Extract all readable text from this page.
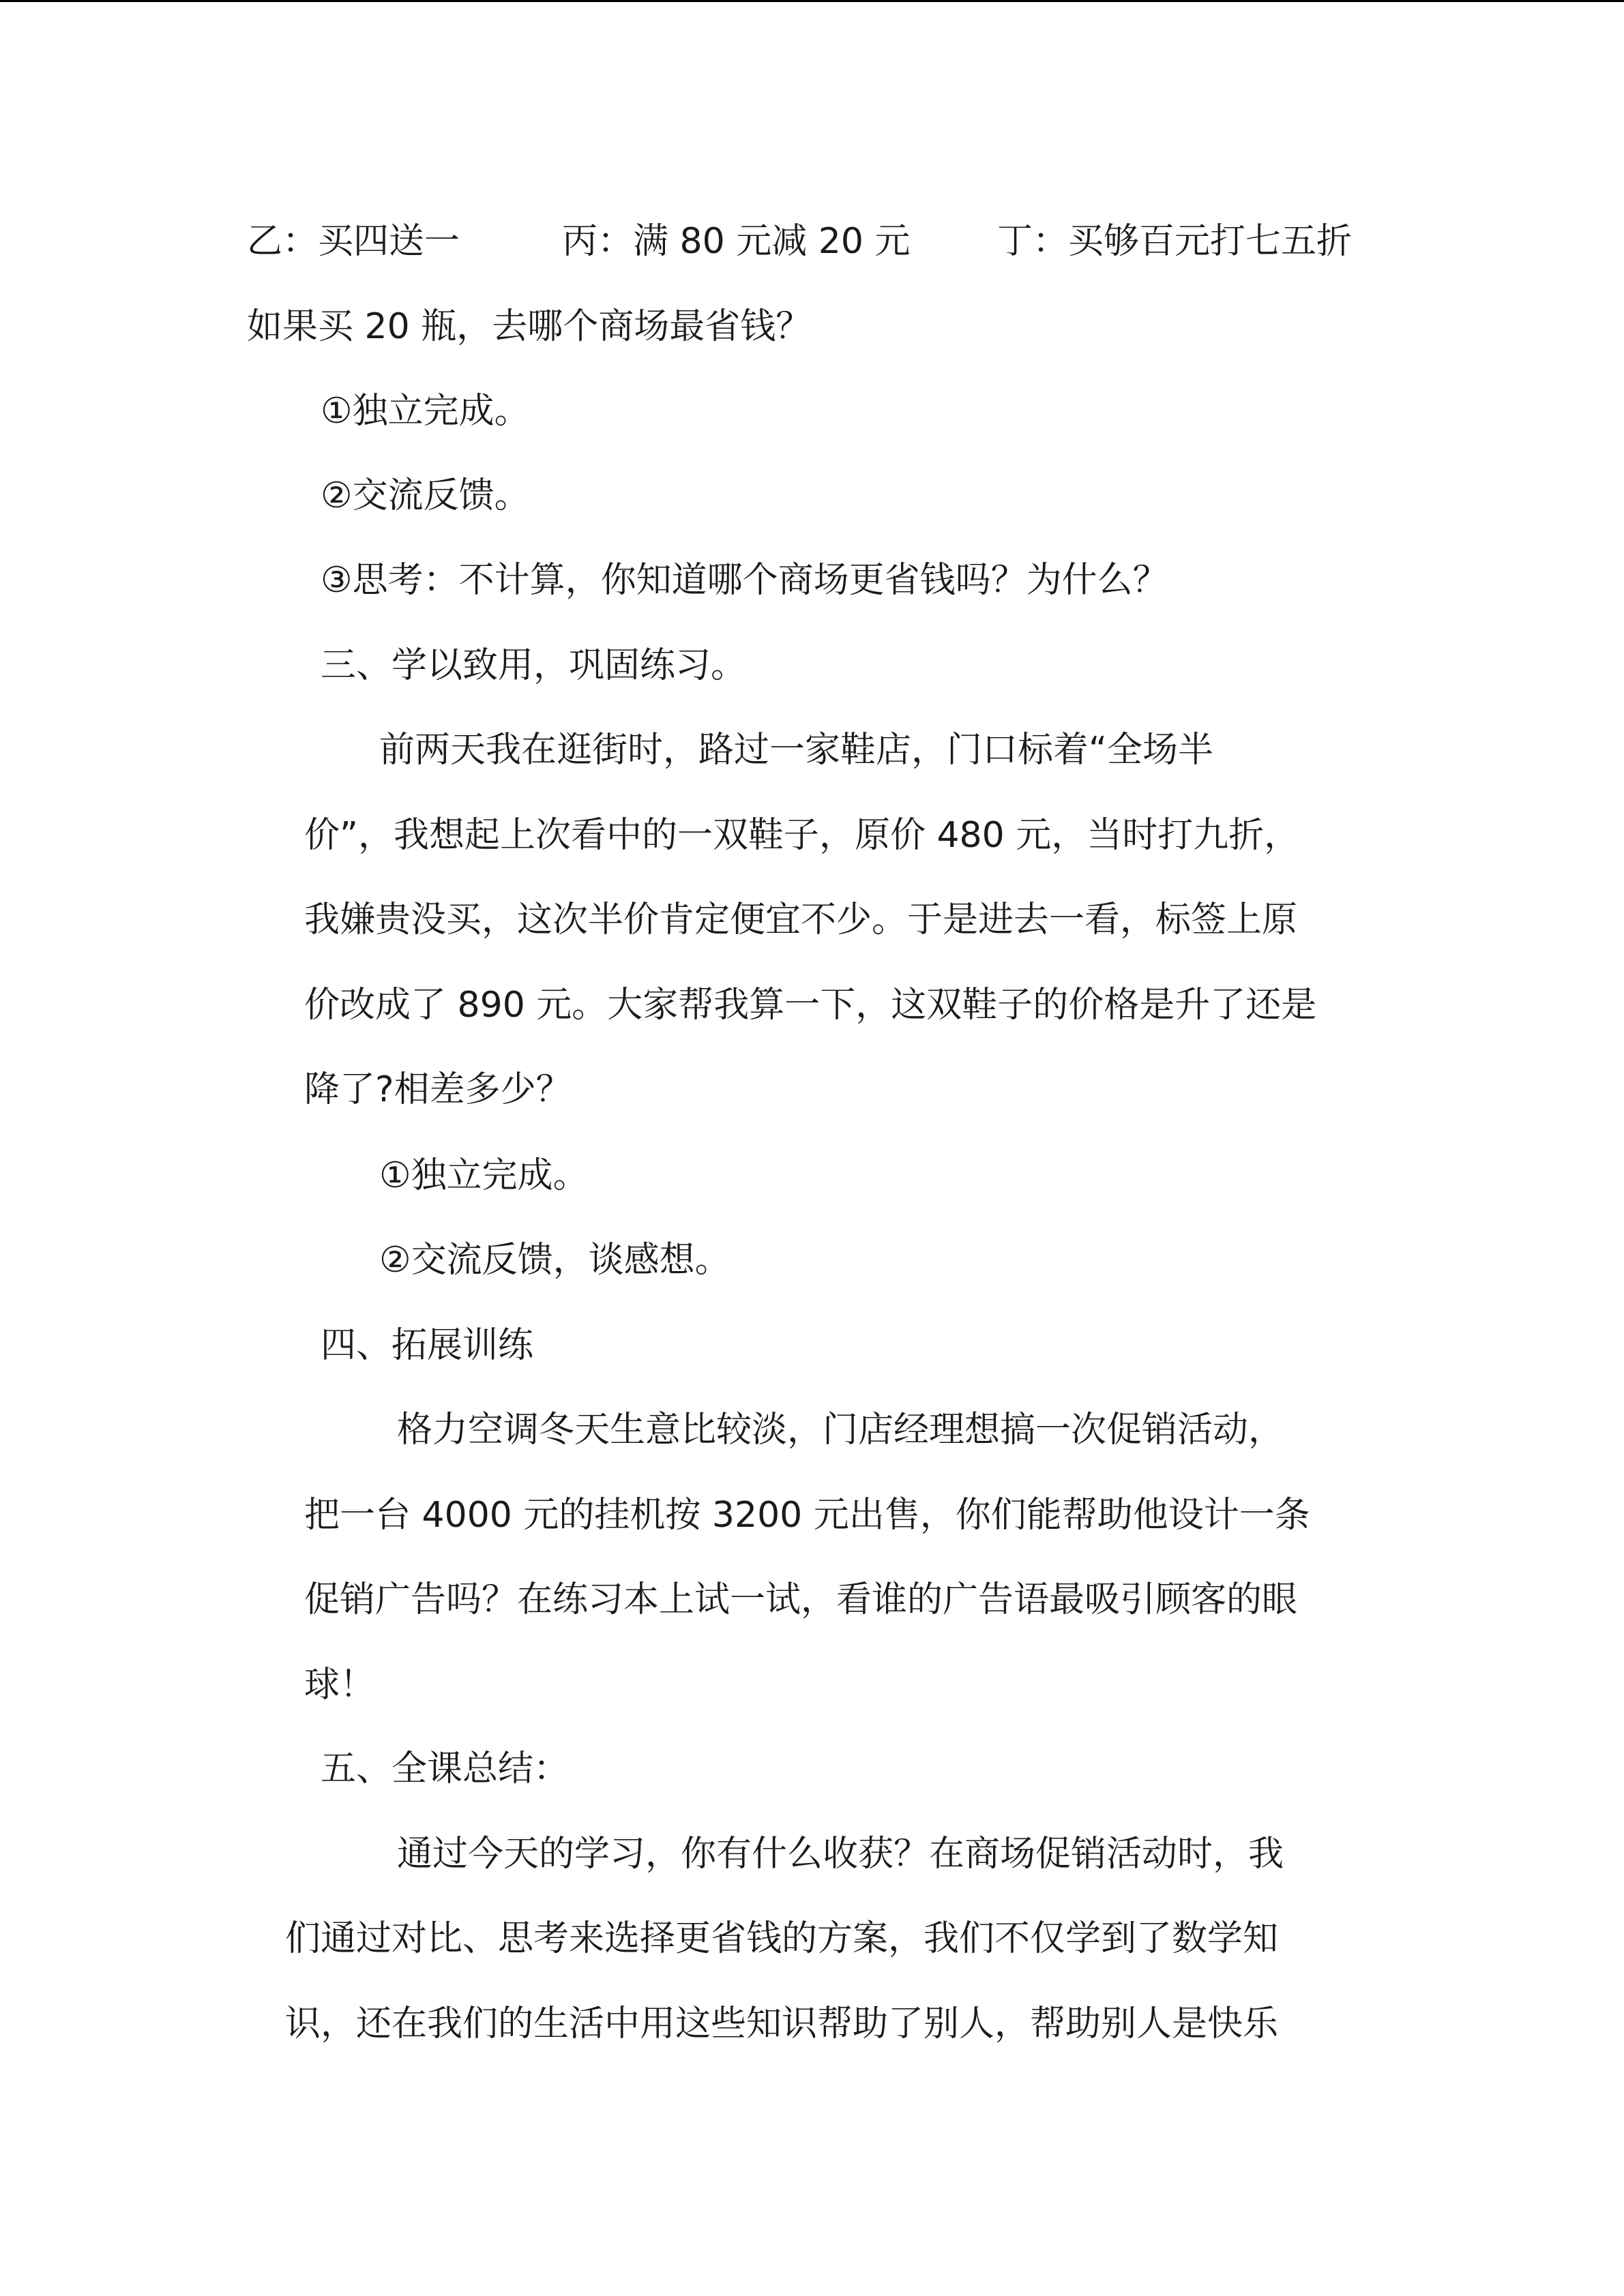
乙：买四送一	丙：满 80 元减 20 元 丁：买够百元打七五折
如果买 20 瓶，去哪个商场最省钱？
①独立完成。
②交流反馈。
③思考：不计算，你知道哪个商场更省钱吗？为什么？
三、学以致用，巩固练习。
前两天我在逛街时，路过一家鞋店，门口标着“全场半
价”，我想起上次看中的一双鞋子，原价 480 元，当时打九折，
我嫌贵没买，这次半价肯定便宜不少。于是进去一看，标签上原
价改成了 890 元。大家帮我算一下，这双鞋子的价格是升了还是
降了?相差多少？
①独立完成。
②交流反馈，谈感想。
四、拓展训练
格力空调冬天生意比较淡，门店经理想搞一次促销活动，
把一台 4000 元的挂机按 3200 元出售，你们能帮助他设计一条
促销广告吗？在练习本上试一试，看谁的广告语最吸引顾客的眼
球！
五、全课总结：
通过今天的学习，你有什么收获？在商场促销活动时，我
们通过对比、思考来选择更省钱的方案，我们不仅学到了数学知
识，还在我们的生活中用这些知识帮助了别人，帮助别人是快乐
